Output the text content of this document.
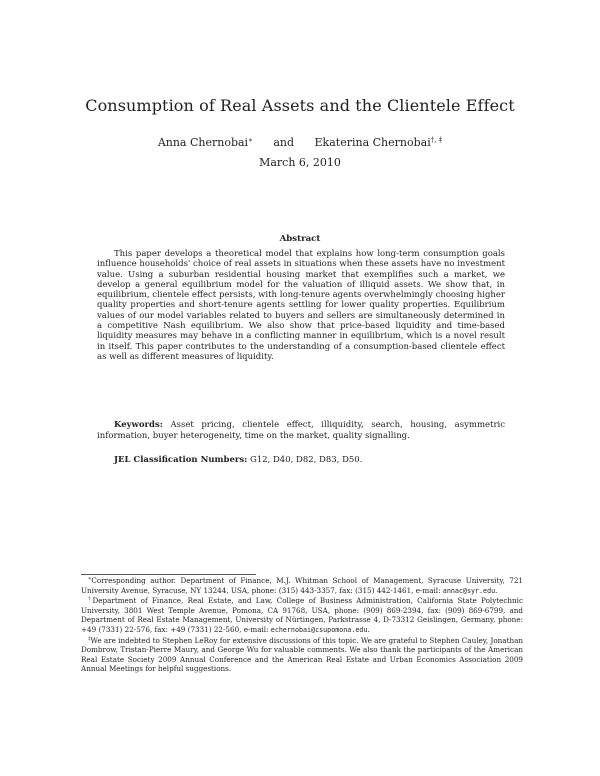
Consumption of Real Assets and the Clientele Effect
Anna Chernobai∗ and Ekaterina Chernobai†, ‡
March 6, 2010
Abstract
This paper develops a theoretical model that explains how long-term consumption goals influence households' choice of real assets in situations when these assets have no investment value. Using a suburban residential housing market that exemplifies such a market, we develop a general equilibrium model for the valuation of illiquid assets. We show that, in equilibrium, clientele effect persists, with long-tenure agents overwhelmingly choosing higher quality properties and short-tenure agents settling for lower quality properties. Equilibrium values of our model variables related to buyers and sellers are simultaneously determined in a competitive Nash equilibrium. We also show that price-based liquidity and time-based liquidity measures may behave in a conflicting manner in equilibrium, which is a novel result in itself. This paper contributes to the understanding of a consumption-based clientele effect as well as different measures of liquidity.
Keywords: Asset pricing, clientele effect, illiquidity, search, housing, asymmetric information, buyer heterogeneity, time on the market, quality signalling.
JEL Classification Numbers: G12, D40, D82, D83, D50.

∗Corresponding author. Department of Finance, M.J. Whitman School of Management, Syracuse University, 721 University Avenue, Syracuse, NY 13244, USA, phone: (315) 443-3357, fax: (315) 442-1461, e-mail: annac@syr.edu.

†Department of Finance, Real Estate, and Law, College of Business Administration, California State Polytechnic University, 3801 West Temple Avenue, Pomona, CA 91768, USA, phone: (909) 869-2394, fax: (909) 869-6799, and Department of Real Estate Management, University of Nürtingen, Parkstrasse 4, D-73312 Geislingen, Germany, phone: +49 (7331) 22-576, fax: +49 (7331) 22-560, e-mail: echernobai@csupomona.edu.

‡We are indebted to Stephen LeRoy for extensive discussions of this topic. We are grateful to Stephen Cauley, Jonathan Dombrow, Tristan-Pierre Maury, and George Wu for valuable comments. We also thank the participants of the American Real Estate Society 2009 Annual Conference and the American Real Estate and Urban Economics Association 2009 Annual Meetings for helpful suggestions.
